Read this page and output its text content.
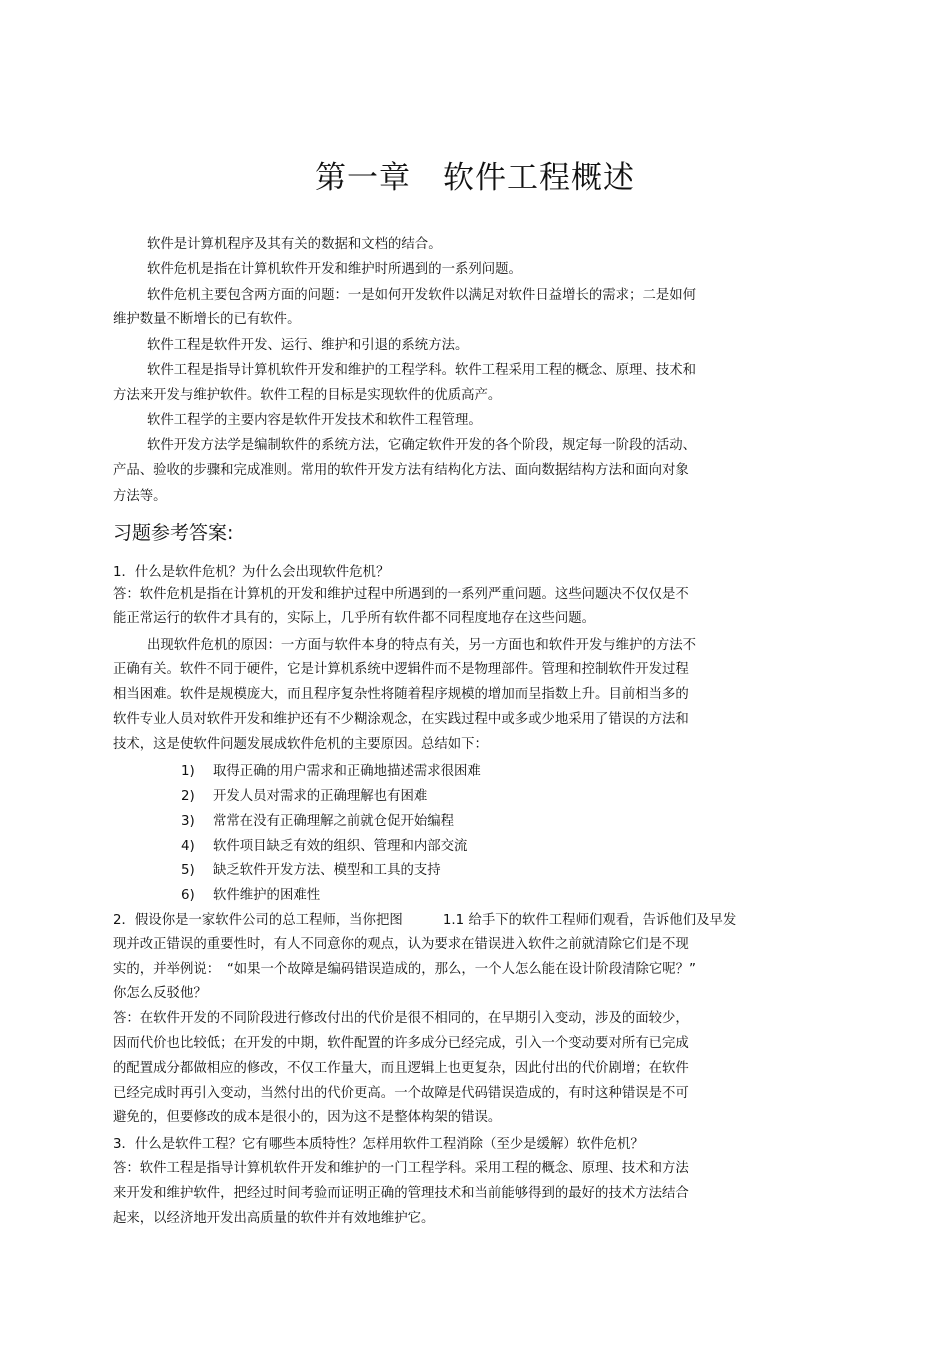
第一章　软件工程概述
软件是计算机程序及其有关的数据和文档的结合。
软件危机是指在计算机软件开发和维护时所遇到的一系列问题。
软件危机主要包含两方面的问题：一是如何开发软件以满足对软件日益增长的需求；二是如何
维护数量不断增长的已有软件。
软件工程是软件开发、运行、维护和引退的系统方法。
软件工程是指导计算机软件开发和维护的工程学科。软件工程采用工程的概念、原理、技术和
方法来开发与维护软件。软件工程的目标是实现软件的优质高产。
软件工程学的主要内容是软件开发技术和软件工程管理。
软件开发方法学是编制软件的系统方法，它确定软件开发的各个阶段，规定每一阶段的活动、
产品、验收的步骤和完成准则。常用的软件开发方法有结构化方法、面向数据结构方法和面向对象
方法等。
习题参考答案:
1．什么是软件危机？为什么会出现软件危机？
答：软件危机是指在计算机的开发和维护过程中所遇到的一系列严重问题。这些问题决不仅仅是不
能正常运行的软件才具有的，实际上，几乎所有软件都不同程度地存在这些问题。
出现软件危机的原因：一方面与软件本身的特点有关，另一方面也和软件开发与维护的方法不
正确有关。软件不同于硬件，它是计算机系统中逻辑件而不是物理部件。管理和控制软件开发过程
相当困难。软件是规模庞大，而且程序复杂性将随着程序规模的增加而呈指数上升。目前相当多的
软件专业人员对软件开发和维护还有不少糊涂观念，在实践过程中或多或少地采用了错误的方法和
技术，这是使软件问题发展成软件危机的主要原因。总结如下：
1) 取得正确的用户需求和正确地描述需求很困难
2) 开发人员对需求的正确理解也有困难
3) 常常在没有正确理解之前就仓促开始编程
4) 软件项目缺乏有效的组织、管理和内部交流
5) 缺乏软件开发方法、模型和工具的支持
6) 软件维护的困难性
2．假设你是一家软件公司的总工程师，当你把图　　　1.1 给手下的软件工程师们观看，告诉他们及早发
现并改正错误的重要性时，有人不同意你的观点，认为要求在错误进入软件之前就清除它们是不现
实的，并举例说：　“如果一个故障是编码错误造成的，那么，一个人怎么能在设计阶段清除它呢？”
你怎么反驳他？
答：在软件开发的不同阶段进行修改付出的代价是很不相同的，在早期引入变动，涉及的面较少，
因而代价也比较低；在开发的中期，软件配置的许多成分已经完成，引入一个变动要对所有已完成
的配置成分都做相应的修改，不仅工作量大，而且逻辑上也更复杂，因此付出的代价剧增；在软件
已经完成时再引入变动，当然付出的代价更高。一个故障是代码错误造成的，有时这种错误是不可
避免的，但要修改的成本是很小的，因为这不是整体构架的错误。
3．什么是软件工程？它有哪些本质特性？怎样用软件工程消除（至少是缓解）软件危机？
答：软件工程是指导计算机软件开发和维护的一门工程学科。采用工程的概念、原理、技术和方法
来开发和维护软件，把经过时间考验而证明正确的管理技术和当前能够得到的最好的技术方法结合
起来，以经济地开发出高质量的软件并有效地维护它。
